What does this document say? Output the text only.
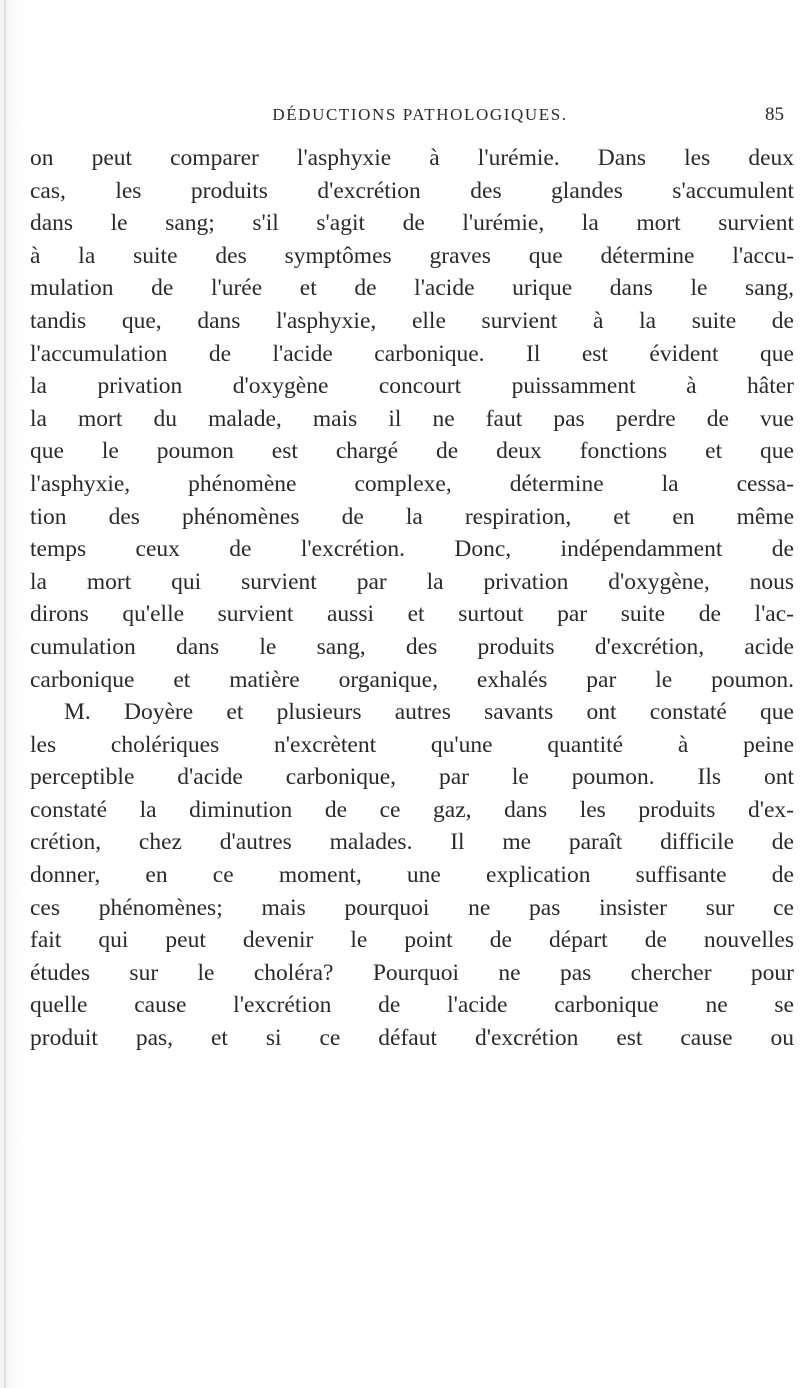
DÉDUCTIONS PATHOLOGIQUES.	85
on peut comparer l'asphyxie à l'urémie. Dans les deux
cas, les produits d'excrétion des glandes s'accumulent
dans le sang; s'il s'agit de l'urémie, la mort survient
à la suite des symptômes graves que détermine l'accu-
mulation de l'urée et de l'acide urique dans le sang,
tandis que, dans l'asphyxie, elle survient à la suite de
l'accumulation de l'acide carbonique. Il est évident que
la privation d'oxygène concourt puissamment à hâter
la mort du malade, mais il ne faut pas perdre de vue
que le poumon est chargé de deux fonctions et que
l'asphyxie, phénomène complexe, détermine la cessa-
tion des phénomènes de la respiration, et en même
temps ceux de l'excrétion. Donc, indépendamment de
la mort qui survient par la privation d'oxygène, nous
dirons qu'elle survient aussi et surtout par suite de l'ac-
cumulation dans le sang, des produits d'excrétion, acide
carbonique et matière organique, exhalés par le poumon.
M. Doyère et plusieurs autres savants ont constaté que
les cholériques n'excrètent qu'une quantité à peine
perceptible d'acide carbonique, par le poumon. Ils ont
constaté la diminution de ce gaz, dans les produits d'ex-
crétion, chez d'autres malades. Il me paraît difficile de
donner, en ce moment, une explication suffisante de
ces phénomènes; mais pourquoi ne pas insister sur ce
fait qui peut devenir le point de départ de nouvelles
études sur le choléra? Pourquoi ne pas chercher pour
quelle cause l'excrétion de l'acide carbonique ne se
produit pas, et si ce défaut d'excrétion est cause ou
